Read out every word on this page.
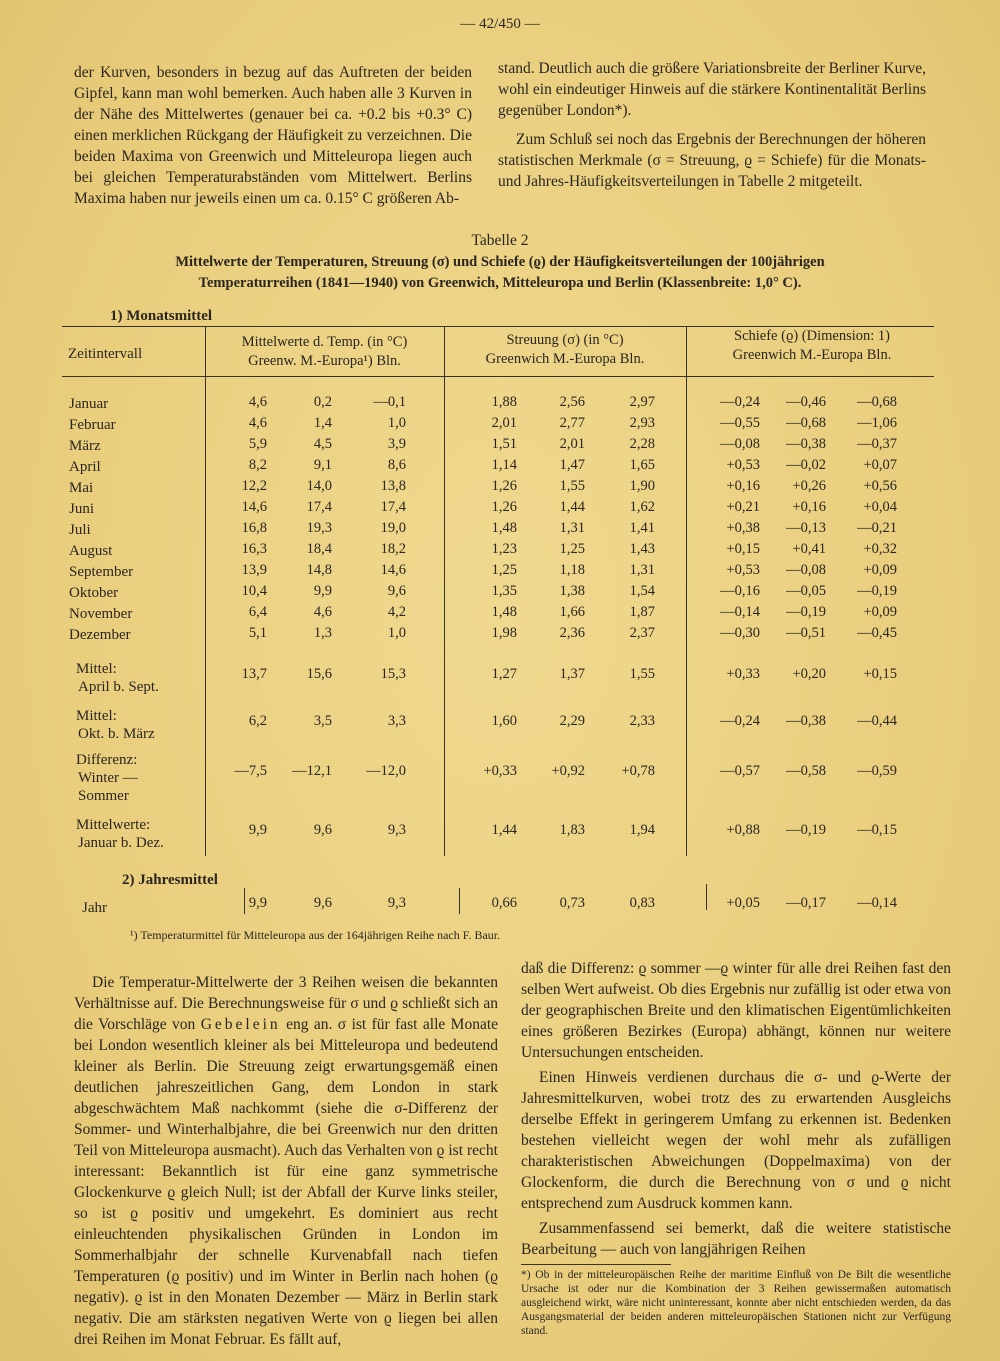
— 42/450 —

der Kurven, besonders in bezug auf das Auftreten der beiden Gipfel, kann man wohl bemerken. Auch haben alle 3 Kurven in der Nähe des Mittelwertes (genauer bei ca. +0.2 bis +0.3° C) einen merklichen Rückgang der Häufigkeit zu verzeichnen. Die beiden Maxima von Greenwich und Mitteleuropa liegen auch bei gleichen Temperaturabständen vom Mittelwert. Berlins Maxima haben nur jeweils einen um ca. 0.15° C größeren Ab-

stand. Deutlich auch die größere Variationsbreite der Berliner Kurve, wohl ein eindeutiger Hinweis auf die stärkere Kontinentalität Berlins gegenüber London*).

Zum Schluß sei noch das Ergebnis der Berechnungen der höheren statistischen Merkmale (σ = Streuung, ϱ = Schiefe) für die Monats- und Jahres-Häufigkeitsverteilungen in Tabelle 2 mitgeteilt.

Tabelle 2
Mittelwerte der Temperaturen, Streuung (σ) und Schiefe (ϱ) der Häufigkeitsverteilungen der 100jährigen
Temperaturreihen (1841—1940) von Greenwich, Mitteleuropa und Berlin (Klassenbreite: 1,0° C).
1) Monatsmittel
Zeitintervall
Mittelwerte d. Temp. (in °C)
Greenw. M.-Europa¹) Bln.
Streuung (σ) (in °C)
Greenwich M.-Europa Bln.
Schiefe (ϱ) (Dimension: 1)
Greenwich M.-Europa Bln.
Januar	4,6	0,2	—0,1	1,88	2,56	2,97	—0,24	—0,46	—0,68
Februar	4,6	1,4	1,0	2,01	2,77	2,93	—0,55	—0,68	—1,06
März	5,9	4,5	3,9	1,51	2,01	2,28	—0,08	—0,38	—0,37
April	8,2	9,1	8,6	1,14	1,47	1,65	+0,53	—0,02	+0,07
Mai	12,2	14,0	13,8	1,26	1,55	1,90	+0,16	+0,26	+0,56
Juni	14,6	17,4	17,4	1,26	1,44	1,62	+0,21	+0,16	+0,04
Juli	16,8	19,3	19,0	1,48	1,31	1,41	+0,38	—0,13	—0,21
August	16,3	18,4	18,2	1,23	1,25	1,43	+0,15	+0,41	+0,32
September	13,9	14,8	14,6	1,25	1,18	1,31	+0,53	—0,08	+0,09
Oktober	10,4	9,9	9,6	1,35	1,38	1,54	—0,16	—0,05	—0,19
November	6,4	4,6	4,2	1,48	1,66	1,87	—0,14	—0,19	+0,09
Dezember	5,1	1,3	1,0	1,98	2,36	2,37	—0,30	—0,51	—0,45
Mittel:
April b. Sept.
13,7	15,6	15,3	1,27	1,37	1,55	+0,33	+0,20	+0,15
Mittel:
Okt. b. März
6,2	3,5	3,3	1,60	2,29	2,33	—0,24	—0,38	—0,44
Differenz:
Winter —
Sommer
—7,5	—12,1	—12,0	+0,33	+0,92	+0,78	—0,57	—0,58	—0,59
Mittelwerte:
Januar b. Dez.
9,9	9,6	9,3	1,44	1,83	1,94	+0,88	—0,19	—0,15
Jahr	9,9	9,6	9,3	0,66	0,73	0,83	+0,05	—0,17	—0,14
2) Jahresmittel
¹) Temperaturmittel für Mitteleuropa aus der 164jährigen Reihe nach F. Baur.

Die Temperatur-Mittelwerte der 3 Reihen weisen die bekannten Verhältnisse auf. Die Berechnungsweise für σ und ϱ schließt sich an die Vorschläge von Gebelein eng an. σ ist für fast alle Monate bei London wesentlich kleiner als bei Mitteleuropa und bedeutend kleiner als Berlin. Die Streuung zeigt erwartungsgemäß einen deutlichen jahreszeitlichen Gang, dem London in stark abgeschwächtem Maß nachkommt (siehe die σ-Differenz der Sommer- und Winterhalbjahre, die bei Greenwich nur den dritten Teil von Mitteleuropa ausmacht). Auch das Verhalten von ϱ ist recht interessant: Bekanntlich ist für eine ganz symmetrische Glockenkurve ϱ gleich Null; ist der Abfall der Kurve links steiler, so ist ϱ positiv und umgekehrt. Es dominiert aus recht einleuchtenden physikalischen Gründen in London im Sommerhalbjahr der schnelle Kurvenabfall nach tiefen Temperaturen (ϱ positiv) und im Winter in Berlin nach hohen (ϱ negativ). ϱ ist in den Monaten Dezember — März in Berlin stark negativ. Die am stärksten negativen Werte von ϱ liegen bei allen drei Reihen im Monat Februar. Es fällt auf,

daß die Differenz: ϱ sommer —ϱ winter für alle drei Reihen fast den selben Wert aufweist. Ob dies Ergebnis nur zufällig ist oder etwa von der geographischen Breite und den klimatischen Eigentümlichkeiten eines größeren Bezirkes (Europa) abhängt, können nur weitere Untersuchungen entscheiden.

Einen Hinweis verdienen durchaus die σ- und ϱ-Werte der Jahresmittelkurven, wobei trotz des zu erwartenden Ausgleichs derselbe Effekt in geringerem Umfang zu erkennen ist. Bedenken bestehen vielleicht wegen der wohl mehr als zufälligen charakteristischen Abweichungen (Doppelmaxima) von der Glockenform, die durch die Berechnung von σ und ϱ nicht entsprechend zum Ausdruck kommen kann.

Zusammenfassend sei bemerkt, daß die weitere statistische Bearbeitung — auch von langjährigen Reihen

*) Ob in der mitteleuropäischen Reihe der maritime Einfluß von De Bilt die wesentliche Ursache ist oder nur die Kombination der 3 Reihen gewissermaßen automatisch ausgleichend wirkt, wäre nicht uninteressant, konnte aber nicht entschieden werden, da das Ausgangsmaterial der beiden anderen mitteleuropäischen Stationen nicht zur Verfügung stand.
